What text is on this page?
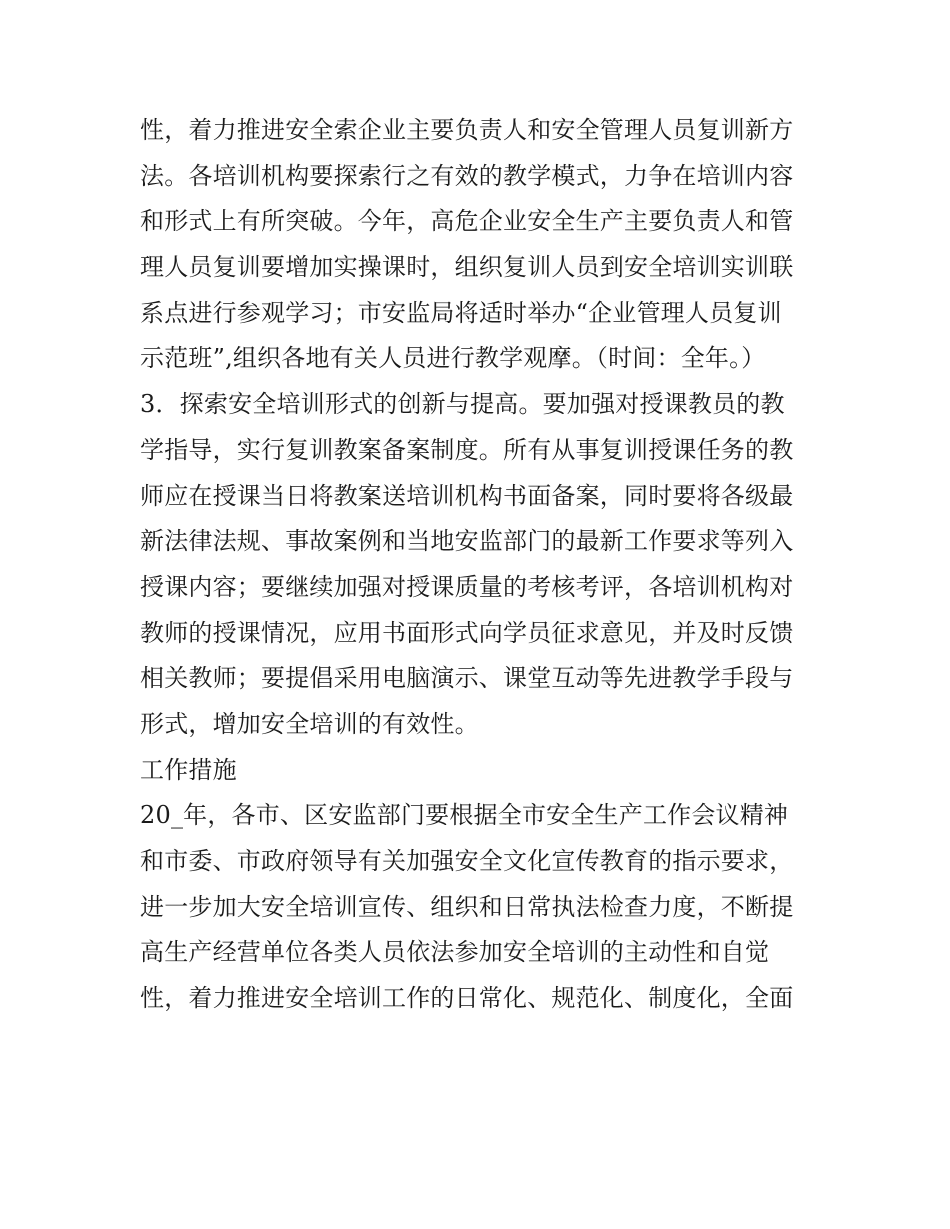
性，着力推进安全索企业主要负责人和安全管理人员复训新方
法。各培训机构要探索行之有效的教学模式，力争在培训内容
和形式上有所突破。今年，高危企业安全生产主要负责人和管
理人员复训要增加实操课时，组织复训人员到安全培训实训联
系点进行参观学习；市安监局将适时举办“企业管理人员复训
示范班”,组织各地有关人员进行教学观摩。（时间：全年。）
3．探索安全培训形式的创新与提高。要加强对授课教员的教
学指导，实行复训教案备案制度。所有从事复训授课任务的教
师应在授课当日将教案送培训机构书面备案，同时要将各级最
新法律法规、事故案例和当地安监部门的最新工作要求等列入
授课内容；要继续加强对授课质量的考核考评，各培训机构对
教师的授课情况，应用书面形式向学员征求意见，并及时反馈
相关教师；要提倡采用电脑演示、课堂互动等先进教学手段与
形式，增加安全培训的有效性。
工作措施
20_年，各市、区安监部门要根据全市安全生产工作会议精神
和市委、市政府领导有关加强安全文化宣传教育的指示要求，
进一步加大安全培训宣传、组织和日常执法检查力度，不断提
高生产经营单位各类人员依法参加安全培训的主动性和自觉
性，着力推进安全培训工作的日常化、规范化、制度化，全面
